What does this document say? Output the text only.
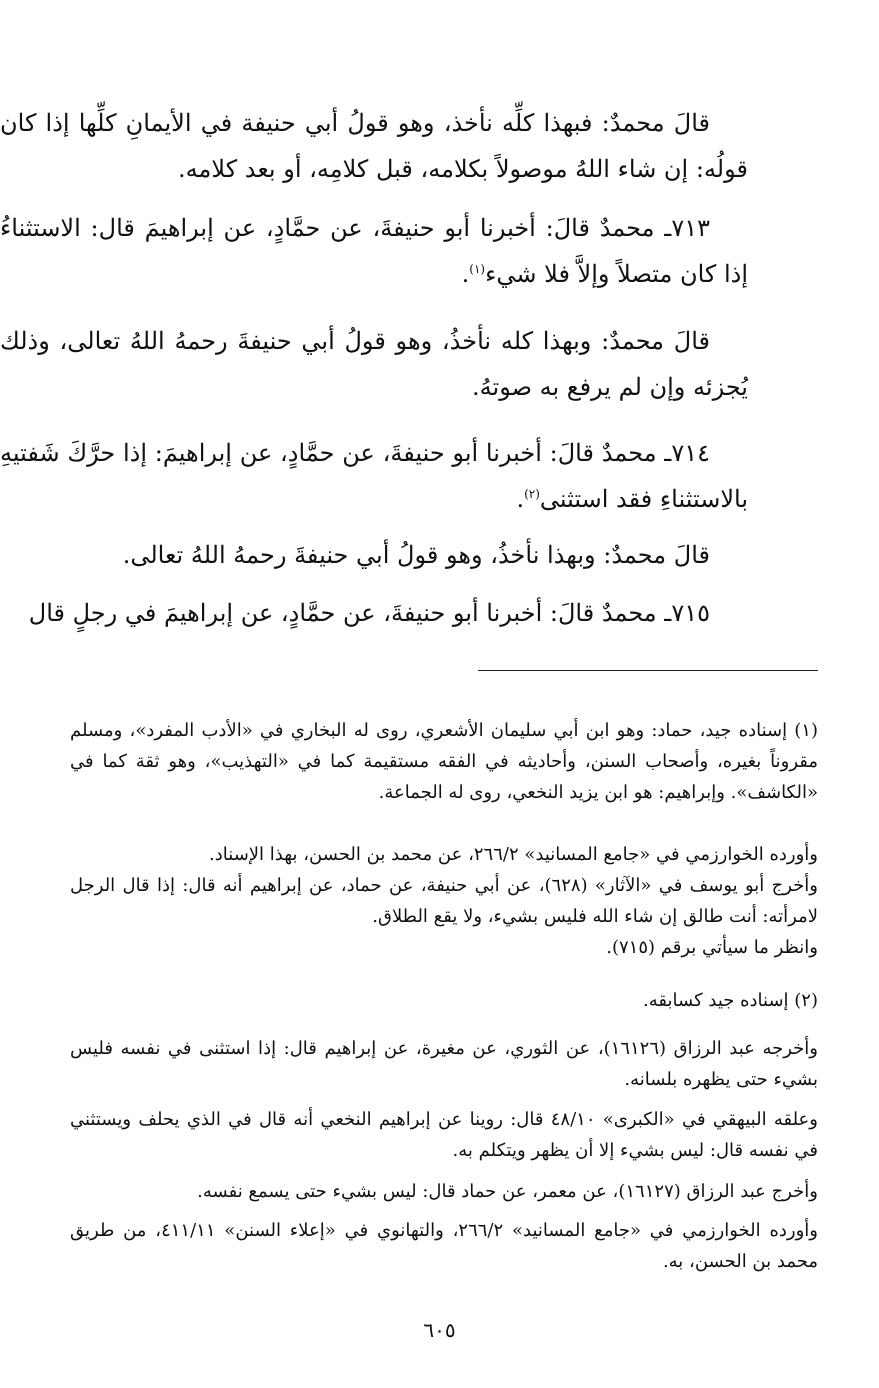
قالَ محمدٌ: فبهذا كلِّه نأخذ، وهو قولُ أبي حنيفة في الأيمانِ كلِّها إذا كان قولُه: إن شاء اللهُ موصولاً بكلامه، قبل كلامِه، أو بعد كلامه.

٧١٣ـ محمدٌ قالَ: أخبرنا أبو حنيفةَ، عن حمَّادٍ، عن إبراهيمَ قال: الاستثناءُ إذا كان متصلاً وإلاَّ فلا شيء$^{(١)}$.

قالَ محمدٌ: وبهذا كله نأخذُ، وهو قولُ أبي حنيفةَ رحمهُ اللهُ تعالى، وذلك يُجزئه وإن لم يرفع به صوتهُ.

٧١٤ـ محمدٌ قالَ: أخبرنا أبو حنيفةَ، عن حمَّادٍ، عن إبراهيمَ: إذا حرَّكَ شَفتيهِ بالاستثناءِ فقد استثنى$^{(٢)}$.

قالَ محمدٌ: وبهذا نأخذُ، وهو قولُ أبي حنيفةَ رحمهُ اللهُ تعالى.

٧١٥ـ محمدٌ قالَ: أخبرنا أبو حنيفةَ، عن حمَّادٍ، عن إبراهيمَ في رجلٍ قال

(١) إسناده جيد، حماد: وهو ابن أبي سليمان الأشعري، روى له البخاري في «الأدب المفرد»، ومسلم مقروناً بغيره، وأصحاب السنن، وأحاديثه في الفقه مستقيمة كما في «التهذيب»، وهو ثقة كما في «الكاشف». وإبراهيم: هو ابن يزيد النخعي، روى له الجماعة.

وأورده الخوارزمي في «جامع المسانيد» ٢٦٦/٢، عن محمد بن الحسن، بهذا الإسناد.

وأخرج أبو يوسف في «الآثار» (٦٢٨)، عن أبي حنيفة، عن حماد، عن إبراهيم أنه قال: إذا قال الرجل لامرأته: أنت طالق إن شاء الله فليس بشيء، ولا يقع الطلاق.

وانظر ما سيأتي برقم (٧١٥).

(٢) إسناده جيد كسابقه.

وأخرجه عبد الرزاق (١٦١٢٦)، عن الثوري، عن مغيرة، عن إبراهيم قال: إذا استثنى في نفسه فليس بشيء حتى يظهره بلسانه.

وعلقه البيهقي في «الكبرى» ٤٨/١٠ قال: روينا عن إبراهيم النخعي أنه قال في الذي يحلف ويستثني في نفسه قال: ليس بشيء إلا أن يظهر ويتكلم به.

وأخرج عبد الرزاق (١٦١٢٧)، عن معمر، عن حماد قال: ليس بشيء حتى يسمع نفسه.

وأورده الخوارزمي في «جامع المسانيد» ٢٦٦/٢، والتهانوي في «إعلاء السنن» ٤١١/١١، من طريق محمد بن الحسن، به.

٦٠٥
